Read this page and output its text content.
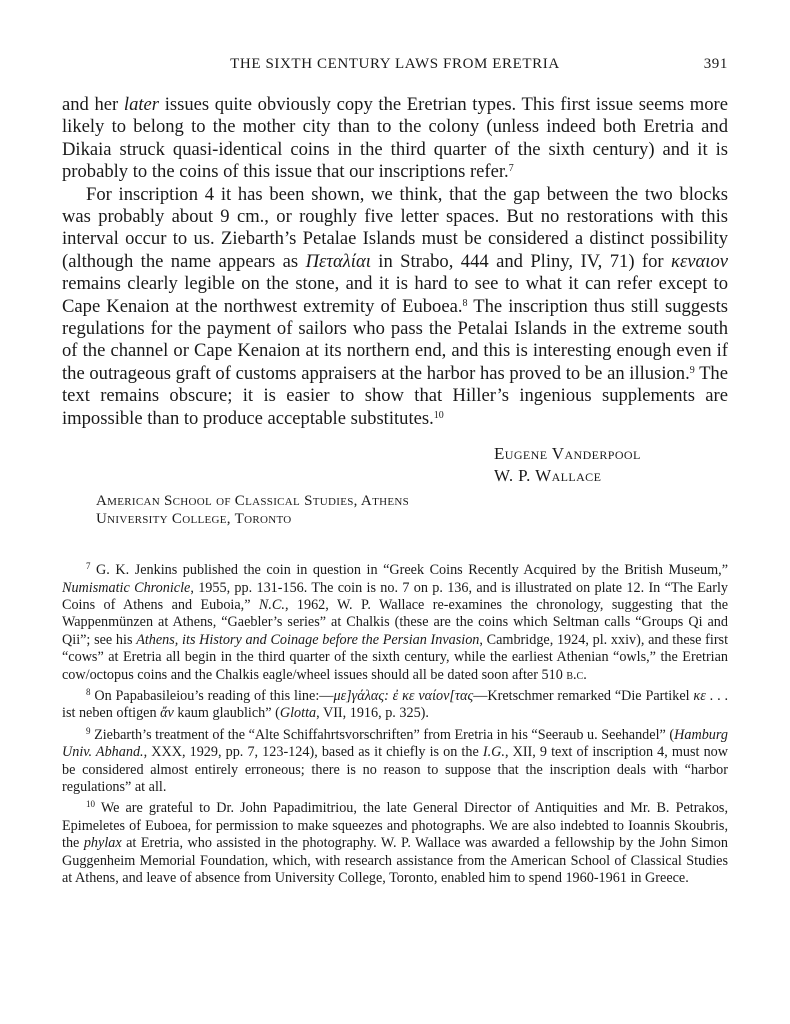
THE SIXTH CENTURY LAWS FROM ERETRIA	391

and her later issues quite obviously copy the Eretrian types. This first issue seems more likely to belong to the mother city than to the colony (unless indeed both Eretria and Dikaia struck quasi-identical coins in the third quarter of the sixth century) and it is probably to the coins of this issue that our inscriptions refer.$^7$

For inscription 4 it has been shown, we think, that the gap between the two blocks was probably about 9 cm., or roughly five letter spaces. But no restorations with this interval occur to us. Ziebarth’s Petalae Islands must be considered a distinct possibility (although the name appears as Πεταλίαι in Strabo, 444 and Pliny, IV, 71) for κεναιον remains clearly legible on the stone, and it is hard to see to what it can refer except to Cape Kenaion at the northwest extremity of Euboea.$^8$ The inscription thus still suggests regulations for the payment of sailors who pass the Petalai Islands in the extreme south of the channel or Cape Kenaion at its northern end, and this is interesting enough even if the outrageous graft of customs appraisers at the harbor has proved to be an illusion.$^9$ The text remains obscure; it is easier to show that Hiller’s ingenious supplements are impossible than to produce acceptable substitutes.$^{10}$

Eugene Vanderpool
W. P. Wallace
American School of Classical Studies, Athens
University College, Toronto

$^7$ G. K. Jenkins published the coin in question in “Greek Coins Recently Acquired by the British Museum,” Numismatic Chronicle, 1955, pp. 131-156. The coin is no. 7 on p. 136, and is illustrated on plate 12. In “The Early Coins of Athens and Euboia,” N.C., 1962, W. P. Wallace re-examines the chronology, suggesting that the Wappenmünzen at Athens, “Gaebler’s series” at Chalkis (these are the coins which Seltman calls “Groups Qi and Qii”; see his Athens, its History and Coinage before the Persian Invasion, Cambridge, 1924, pl. xxiv), and these first “cows” at Eretria all begin in the third quarter of the sixth century, while the earliest Athenian “owls,” the Eretrian cow/octopus coins and the Chalkis eagle/wheel issues should all be dated soon after 510 b.c.

$^8$ On Papabasileiou’s reading of this line:—με]γάλας: ἐ κε ναίον[τας—Kretschmer remarked “Die Partikel κε . . . ist neben oftigen ἄν kaum glaublich” (Glotta, VII, 1916, p. 325).

$^9$ Ziebarth’s treatment of the “Alte Schiffahrtsvorschriften” from Eretria in his “Seeraub u. Seehandel” (Hamburg Univ. Abhand., XXX, 1929, pp. 7, 123-124), based as it chiefly is on the I.G., XII, 9 text of inscription 4, must now be considered almost entirely erroneous; there is no reason to suppose that the inscription deals with “harbor regulations” at all.

$^{10}$ We are grateful to Dr. John Papadimitriou, the late General Director of Antiquities and Mr. B. Petrakos, Epimeletes of Euboea, for permission to make squeezes and photographs. We are also indebted to Ioannis Skoubris, the phylax at Eretria, who assisted in the photography. W. P. Wallace was awarded a fellowship by the John Simon Guggenheim Memorial Foundation, which, with research assistance from the American School of Classical Studies at Athens, and leave of absence from University College, Toronto, enabled him to spend 1960-1961 in Greece.
